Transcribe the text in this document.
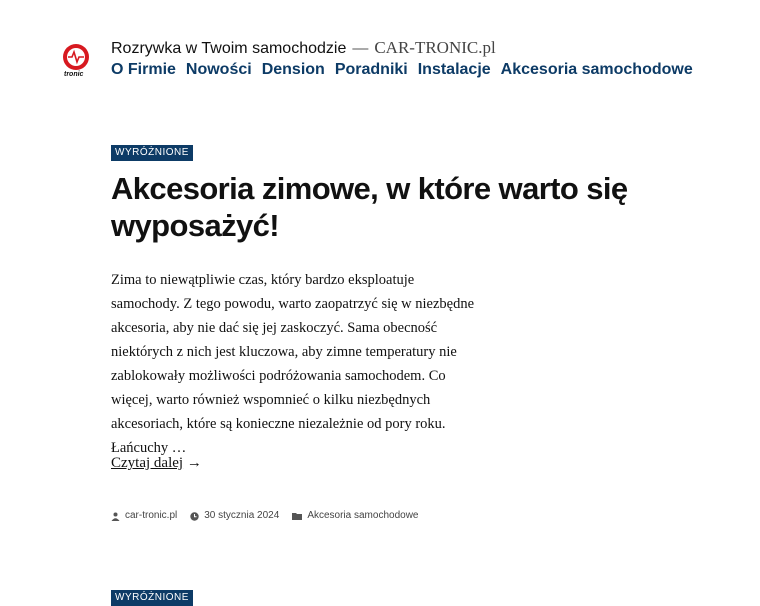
tronic
Rozrywka w Twoim samochodzie — CAR-TRONIC.pl
O Firmie Nowości Dension Poradniki Instalacje Akcesoria samochodowe
WYRÓŻNIONE
Akcesoria zimowe, w które warto się wyposażyć!

Zima to niewątpliwie czas, który bardzo eksploatuje samochody. Z tego powodu, warto zaopatrzyć się w niezbędne akcesoria, aby nie dać się jej zaskoczyć. Sama obecność niektórych z nich jest kluczowa, aby zimne temperatury nie zablokowały możliwości podróżowania samochodem. Co więcej, warto również wspomnieć o kilku niezbędnych akcesoriach, które są konieczne niezależnie od pory roku. Łańcuchy …

Czytaj dalej →
car-tronic.pl	30 stycznia 2024	Akcesoria samochodowe
WYRÓŻNIONE
